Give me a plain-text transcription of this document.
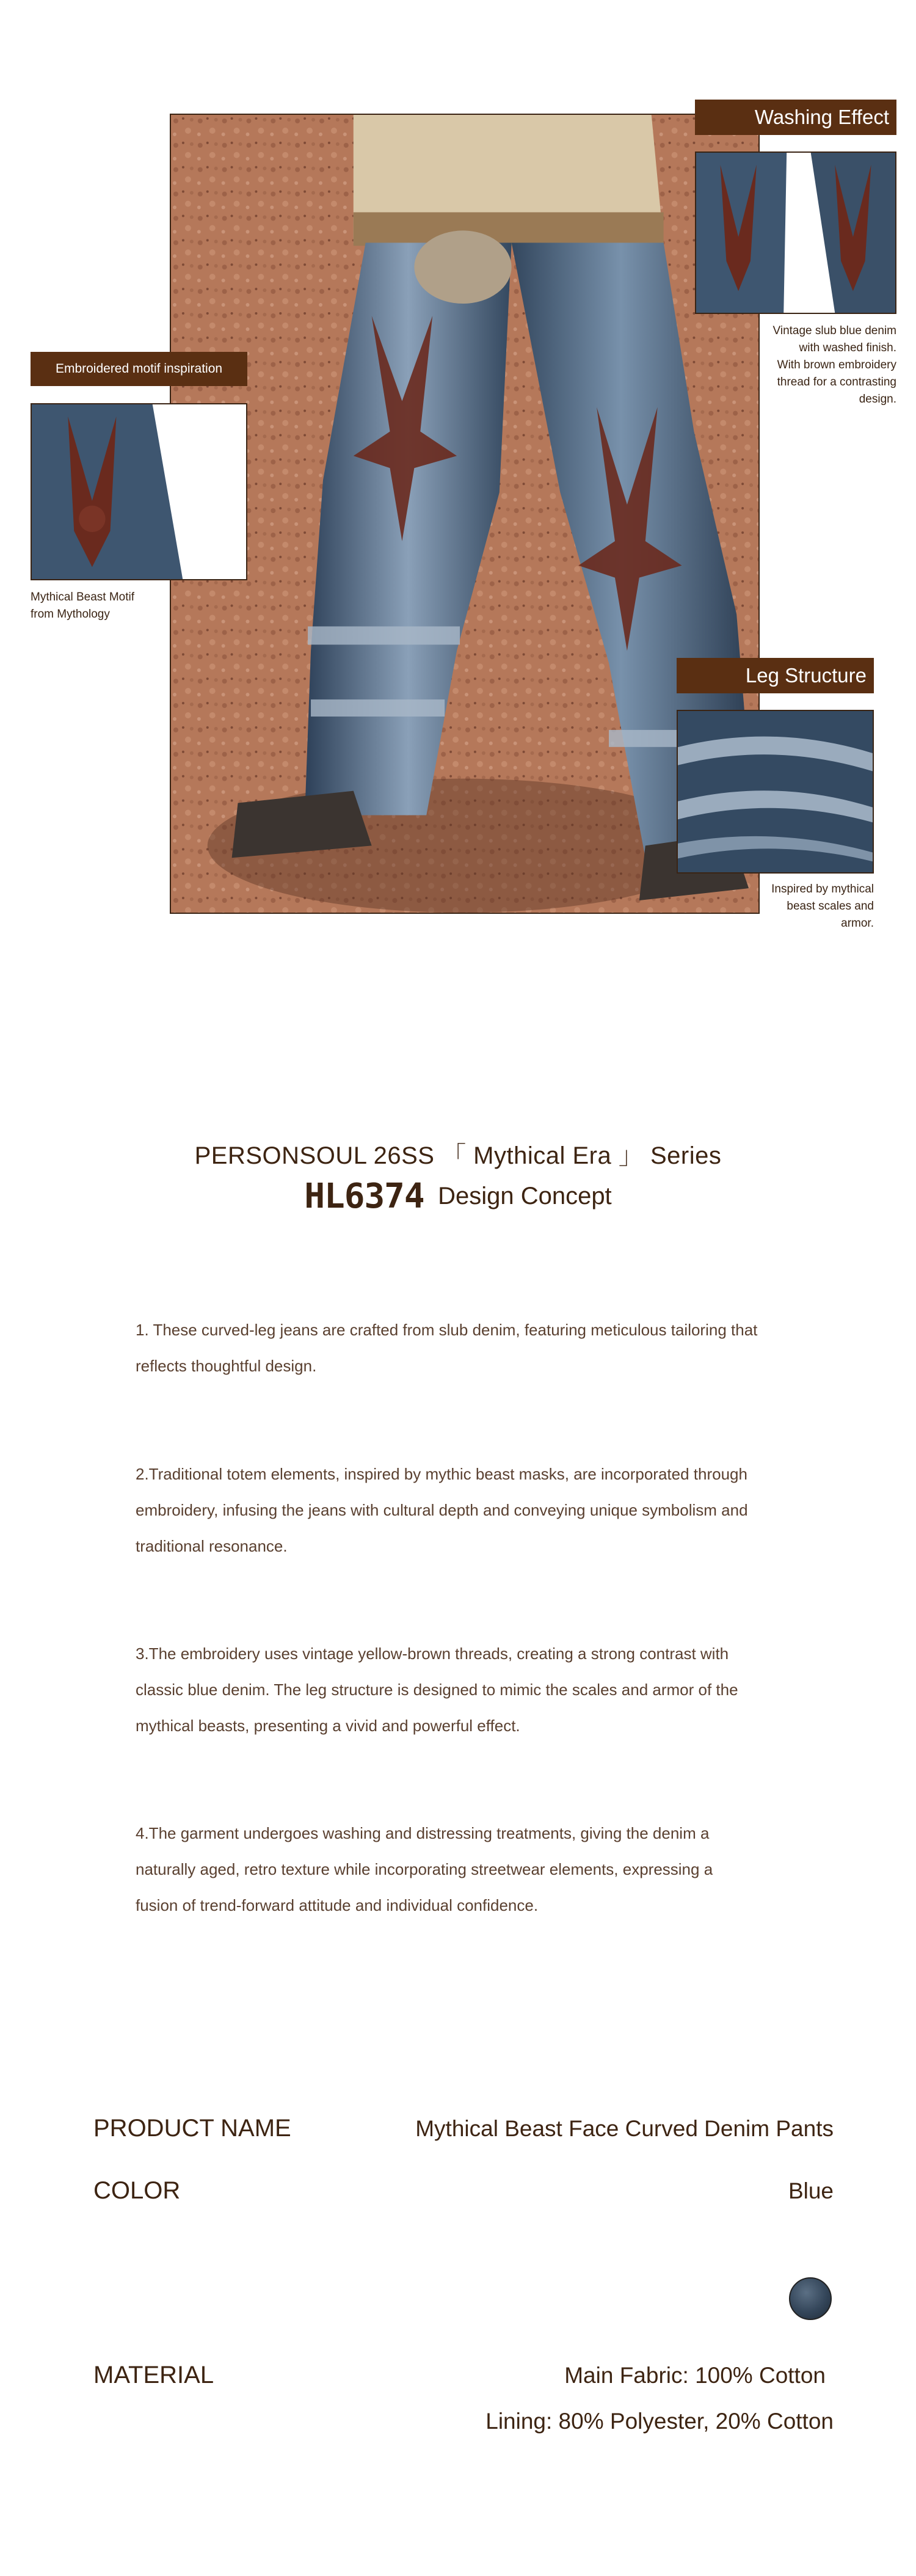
Washing Effect
Vintage slub blue denim
with washed finish.
With brown embroidery
thread for a contrasting
design.
Embroidered motif inspiration
Mythical Beast Motif
from Mythology
Leg Structure
Inspired by mythical
beast scales and
armor.
PERSONSOUL 26SS 「 Mythical Era 」 Series
HL6374 Design Concept
1. These curved-leg jeans are crafted from slub denim, featuring meticulous tailoring that
reflects thoughtful design.
2.Traditional totem elements, inspired by mythic beast masks, are incorporated through
embroidery, infusing the jeans with cultural depth and conveying unique symbolism and
traditional resonance.
3.The embroidery uses vintage yellow-brown threads, creating a strong contrast with
classic blue denim. The leg structure is designed to mimic the scales and armor of the
mythical beasts, presenting a vivid and powerful effect.
4.The garment undergoes washing and distressing treatments, giving the denim a
naturally aged, retro texture while incorporating streetwear elements, expressing a
fusion of trend-forward attitude and individual confidence.
PRODUCT NAME	Mythical Beast Face Curved Denim Pants
COLOR	Blue
MATERIAL	Main Fabric: 100% Cotton
Lining: 80% Polyester, 20% Cotton
